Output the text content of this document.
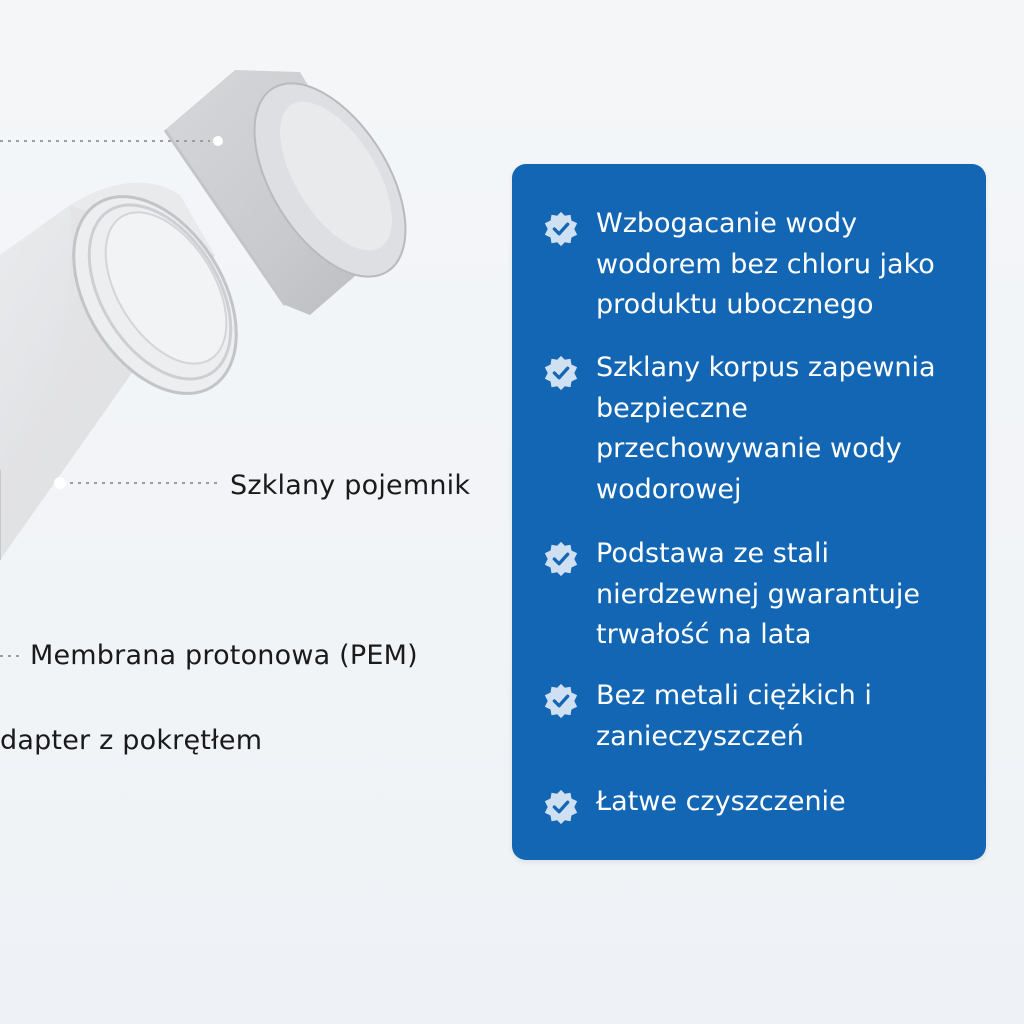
Szklany pojemnik
Membrana protonowa (PEM)
dapter z pokrętłem
Wzbogacanie wody wodorem bez chloru jako produktu ubocznego
Szklany korpus zapewnia bezpieczne przechowywanie wody wodorowej
Podstawa ze stali nierdzewnej gwarantuje trwałość na lata
Bez metali ciężkich i zanieczyszczeń
Łatwe czyszczenie
